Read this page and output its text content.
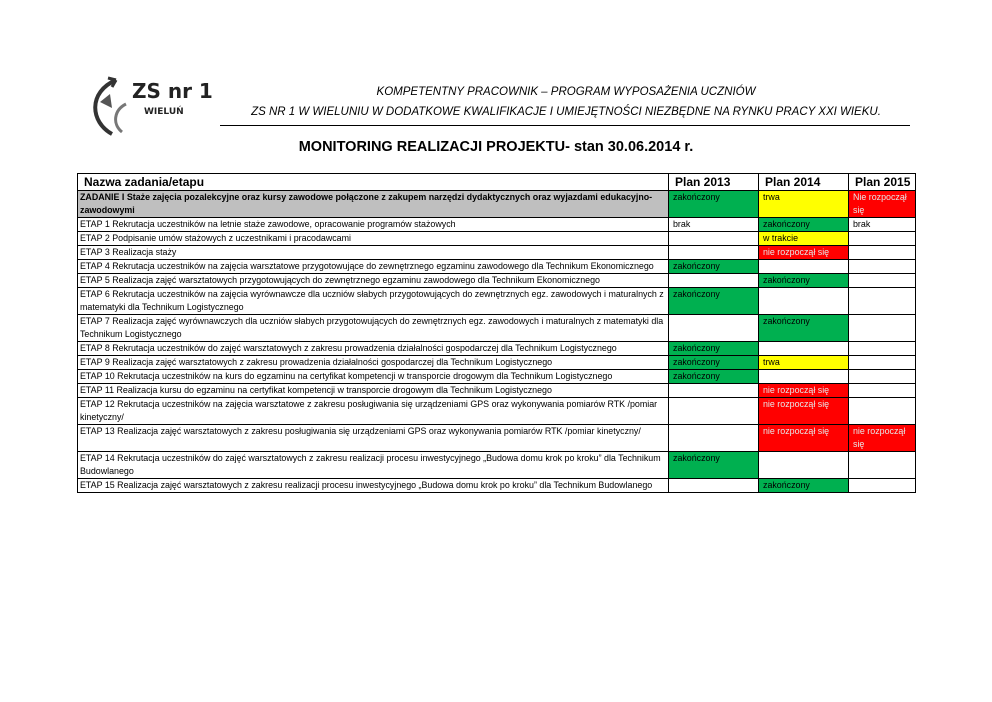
ZS nr 1
WIELUŃ
KOMPETENTNY PRACOWNIK – PROGRAM WYPOSAŻENIA UCZNIÓW
ZS NR 1 W WIELUNIU W DODATKOWE KWALIFIKACJE I UMIEJĘTNOŚCI NIEZBĘDNE NA RYNKU PRACY XXI WIEKU.
MONITORING REALIZACJI PROJEKTU- stan 30.06.2014 r.
Nazwa zadania/etapu	Plan 2013	Plan 2014	Plan 2015
ZADANIE I Staże zajęcia pozalekcyjne oraz kursy zawodowe połączone z zakupem narzędzi dydaktycznych oraz wyjazdami edukacyjno- zawodowymi	zakończony	trwa	Nie rozpoczął się
ETAP 1 Rekrutacja uczestników na letnie staże zawodowe, opracowanie programów stażowych	brak	zakończony	brak
ETAP 2 Podpisanie umów stażowych z uczestnikami i pracodawcami		w trakcie	
ETAP 3 Realizacja staży		nie rozpoczął się	
ETAP 4 Rekrutacja uczestników na zajęcia warsztatowe przygotowujące do zewnętrznego egzaminu zawodowego dla Technikum Ekonomicznego	zakończony		
ETAP 5 Realizacja zajęć warsztatowych przygotowujących do zewnętrznego egzaminu zawodowego dla Technikum Ekonomicznego		zakończony	
ETAP 6 Rekrutacja uczestników na zajęcia wyrównawcze dla uczniów słabych przygotowujących do zewnętrznych egz. zawodowych i maturalnych z matematyki dla Technikum Logistycznego	zakończony		
ETAP 7 Realizacja zajęć wyrównawczych dla uczniów słabych przygotowujących do zewnętrznych egz. zawodowych i maturalnych z matematyki dla Technikum Logistycznego		zakończony	
ETAP 8 Rekrutacja uczestników do zajęć warsztatowych z zakresu prowadzenia działalności gospodarczej dla Technikum Logistycznego	zakończony		
ETAP 9 Realizacja zajęć warsztatowych z zakresu prowadzenia działalności gospodarczej dla Technikum Logistycznego	zakończony	trwa	
ETAP 10 Rekrutacja uczestników na kurs do egzaminu na certyfikat kompetencji w transporcie drogowym dla Technikum Logistycznego	zakończony		
ETAP 11 Realizacja kursu do egzaminu na certyfikat kompetencji w transporcie drogowym dla Technikum Logistycznego		nie rozpoczął się	
ETAP 12 Rekrutacja uczestników na zajęcia warsztatowe z zakresu posługiwania się urządzeniami GPS oraz wykonywania pomiarów RTK /pomiar kinetyczny/		nie rozpoczął się	
ETAP 13 Realizacja zajęć warsztatowych z zakresu posługiwania się urządzeniami GPS oraz wykonywania pomiarów RTK /pomiar kinetyczny/		nie rozpoczął się	nie rozpoczął się
ETAP 14 Rekrutacja uczestników do zajęć warsztatowych z zakresu realizacji procesu inwestycyjnego „Budowa domu krok po kroku” dla Technikum Budowlanego	zakończony		
ETAP 15 Realizacja zajęć warsztatowych z zakresu realizacji procesu inwestycyjnego „Budowa domu krok po kroku” dla Technikum Budowlanego		zakończony	
